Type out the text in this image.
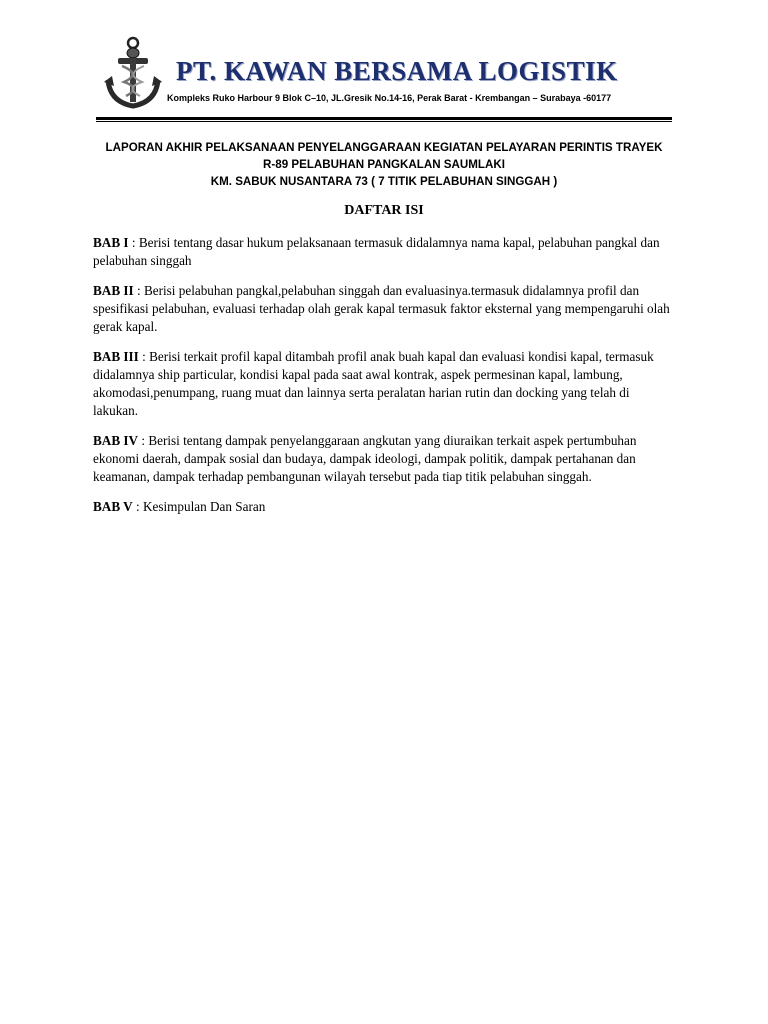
PT. KAWAN BERSAMA LOGISTIK
Kompleks Ruko Harbour 9 Blok C–10, JL.Gresik No.14-16, Perak Barat - Krembangan – Surabaya -60177
LAPORAN AKHIR PELAKSANAAN PENYELANGGARAAN KEGIATAN PELAYARAN PERINTIS TRAYEK
R-89 PELABUHAN PANGKALAN SAUMLAKI
KM. SABUK NUSANTARA 73 ( 7 TITIK PELABUHAN SINGGAH )
DAFTAR ISI

BAB I : Berisi tentang dasar hukum pelaksanaan termasuk didalamnya nama kapal, pelabuhan pangkal dan pelabuhan singgah

BAB II : Berisi pelabuhan pangkal,pelabuhan singgah dan evaluasinya.termasuk didalamnya profil dan spesifikasi pelabuhan, evaluasi terhadap olah gerak kapal termasuk faktor eksternal yang mempengaruhi olah gerak kapal.

BAB III : Berisi terkait profil kapal ditambah profil anak buah kapal dan evaluasi kondisi kapal, termasuk didalamnya ship particular, kondisi kapal pada saat awal kontrak, aspek permesinan kapal, lambung, akomodasi,penumpang, ruang muat dan lainnya serta peralatan harian rutin dan docking yang telah di lakukan.

BAB IV : Berisi tentang dampak penyelanggaraan angkutan yang diuraikan terkait aspek pertumbuhan ekonomi daerah, dampak sosial dan budaya, dampak ideologi, dampak politik, dampak pertahanan dan keamanan, dampak terhadap pembangunan wilayah tersebut pada tiap titik pelabuhan singgah.

BAB V : Kesimpulan Dan Saran
